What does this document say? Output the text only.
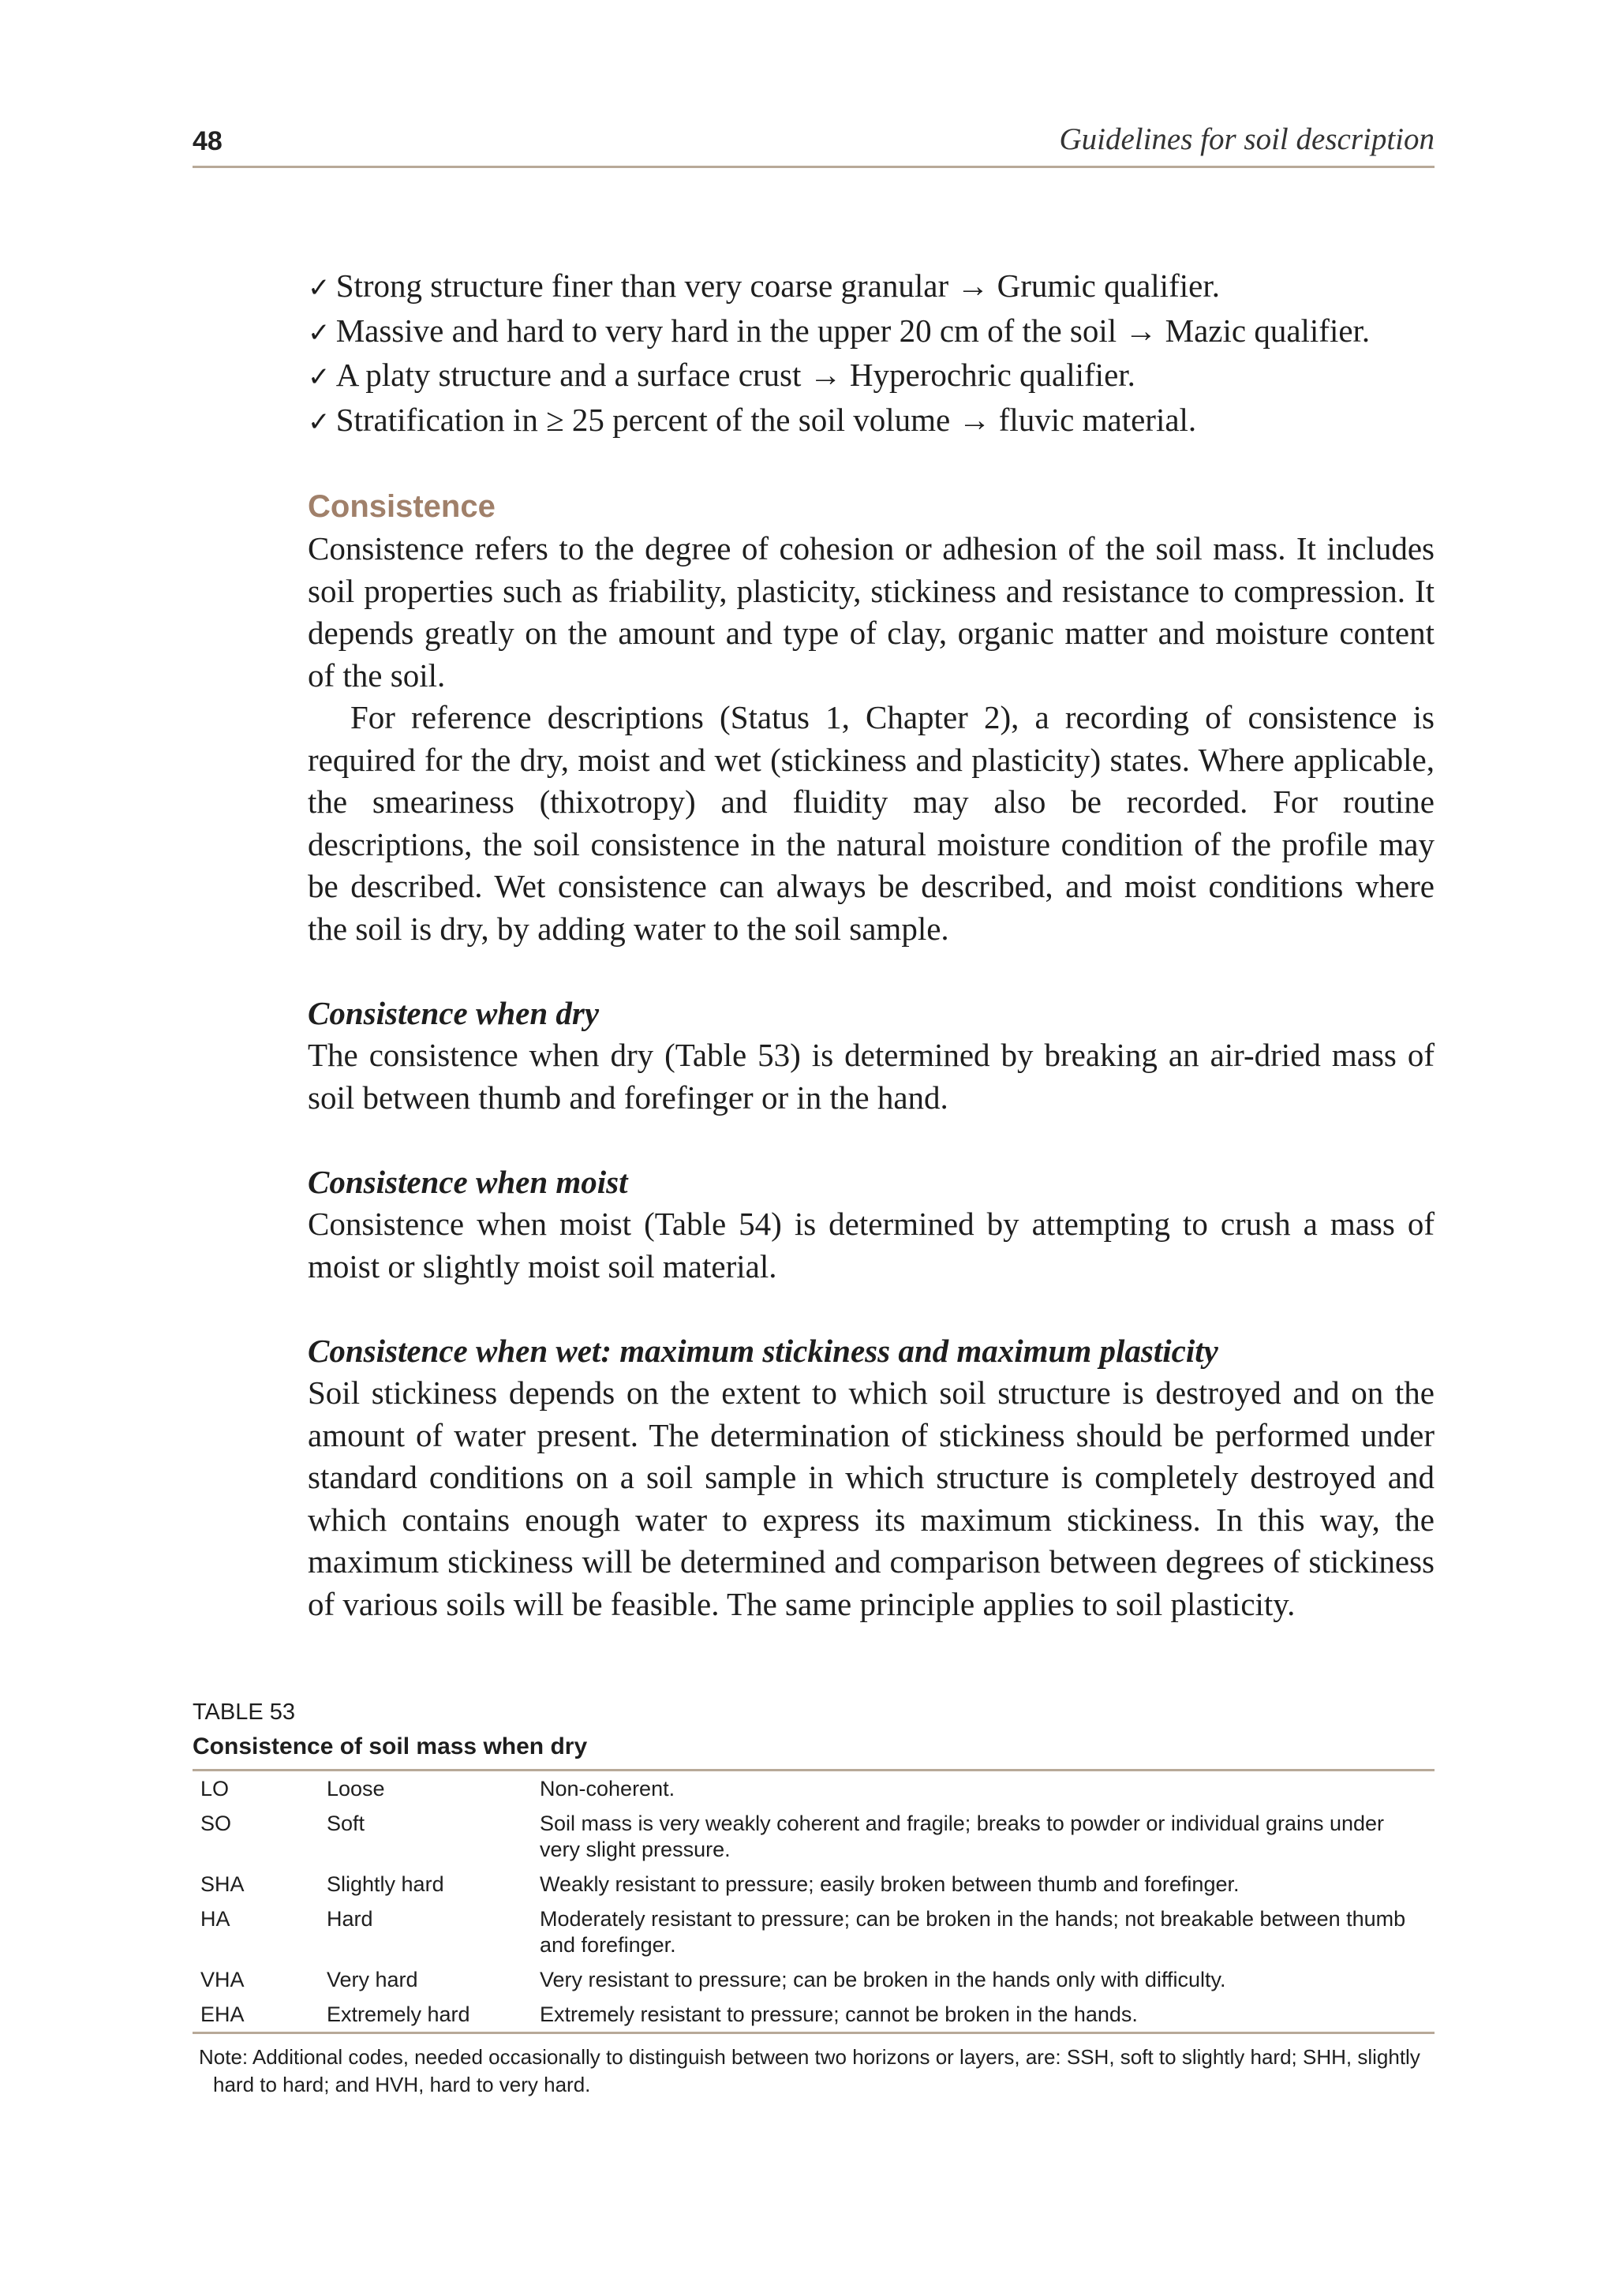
48	Guidelines for soil description
✓ Strong structure finer than very coarse granular → Grumic qualifier.
✓ Massive and hard to very hard in the upper 20 cm of the soil → Mazic qualifier.
✓ A platy structure and a surface crust → Hyperochric qualifier.
✓ Stratification in ≥ 25 percent of the soil volume → fluvic material.
Consistence

Consistence refers to the degree of cohesion or adhesion of the soil mass. It includes soil properties such as friability, plasticity, stickiness and resistance to compression. It depends greatly on the amount and type of clay, organic matter and moisture content of the soil.

For reference descriptions (Status 1, Chapter 2), a recording of consistence is required for the dry, moist and wet (stickiness and plasticity) states. Where applicable, the smeariness (thixotropy) and fluidity may also be recorded. For routine descriptions, the soil consistence in the natural moisture condition of the profile may be described. Wet consistence can always be described, and moist conditions where the soil is dry, by adding water to the soil sample.

Consistence when dry

The consistence when dry (Table 53) is determined by breaking an air-dried mass of soil between thumb and forefinger or in the hand.

Consistence when moist

Consistence when moist (Table 54) is determined by attempting to crush a mass of moist or slightly moist soil material.

Consistence when wet: maximum stickiness and maximum plasticity

Soil stickiness depends on the extent to which soil structure is destroyed and on the amount of water present. The determination of stickiness should be performed under standard conditions on a soil sample in which structure is completely destroyed and which contains enough water to express its maximum stickiness. In this way, the maximum stickiness will be determined and comparison between degrees of stickiness of various soils will be feasible. The same principle applies to soil plasticity.

TABLE 53
Consistence of soil mass when dry
LO	Loose	Non-coherent.
SO	Soft	Soil mass is very weakly coherent and fragile; breaks to powder or individual grains under very slight pressure.
SHA	Slightly hard	Weakly resistant to pressure; easily broken between thumb and forefinger.
HA	Hard	Moderately resistant to pressure; can be broken in the hands; not breakable between thumb and forefinger.
VHA	Very hard	Very resistant to pressure; can be broken in the hands only with difficulty.
EHA	Extremely hard	Extremely resistant to pressure; cannot be broken in the hands.
Note: Additional codes, needed occasionally to distinguish between two horizons or layers, are: SSH, soft to slightly hard; SHH, slightly hard to hard; and HVH, hard to very hard.
